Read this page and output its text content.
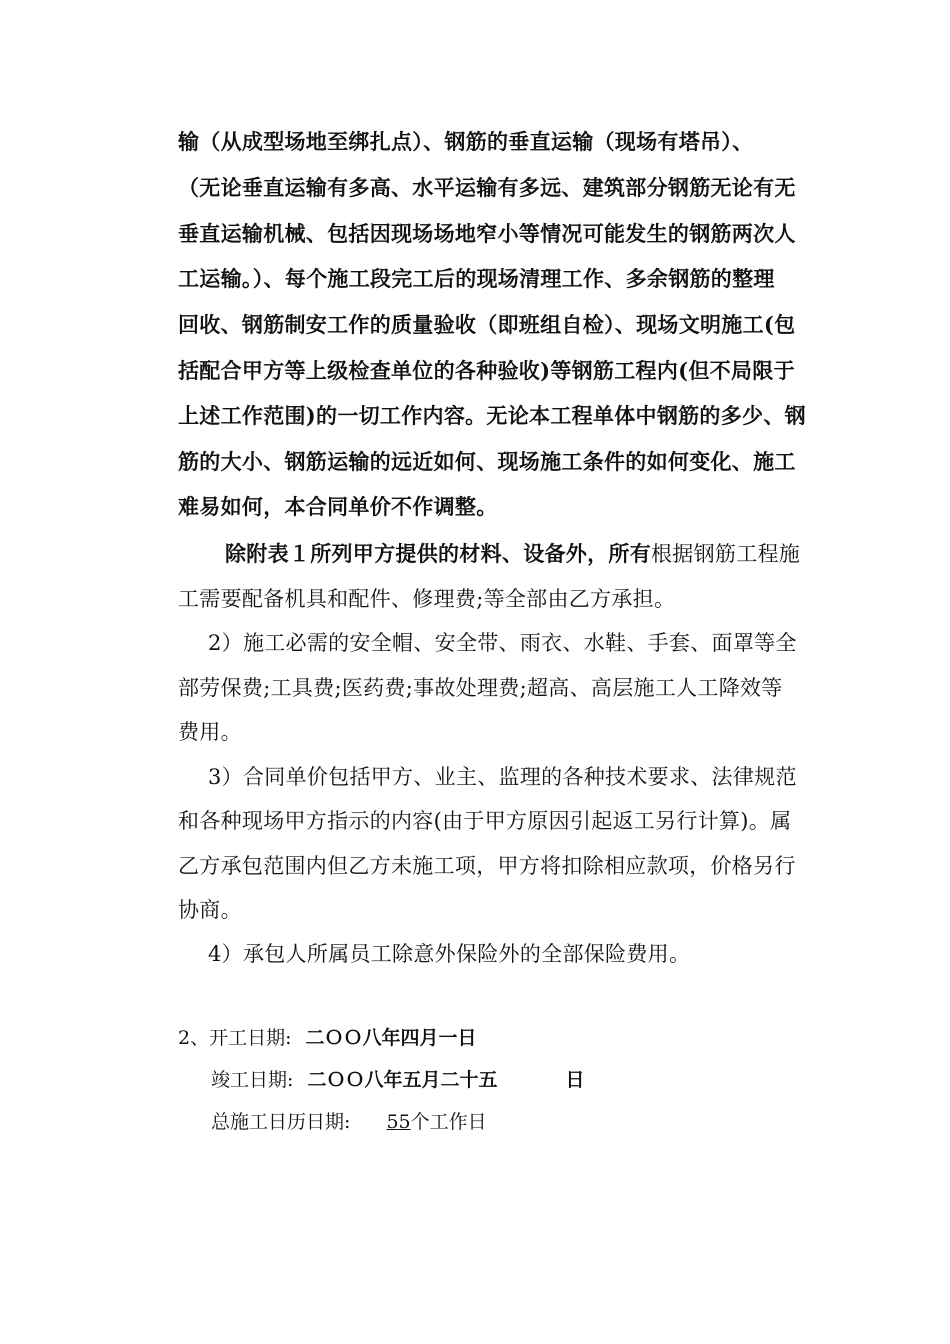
输（从成型场地至绑扎点）、钢筋的垂直运输（现场有塔吊）、
（无论垂直运输有多高、水平运输有多远、建筑部分钢筋无论有无
垂直运输机械、包括因现场场地窄小等情况可能发生的钢筋两次人
工运输。）、每个施工段完工后的现场清理工作、多余钢筋的整理
回收、钢筋制安工作的质量验收（即班组自检）、现场文明施工(包
括配合甲方等上级检查单位的各种验收)等钢筋工程内(但不局限于
上述工作范围)的一切工作内容。无论本工程单体中钢筋的多少、钢
筋的大小、钢筋运输的远近如何、现场施工条件的如何变化、施工
难易如何，本合同单价不作调整。
除附表１所列甲方提供的材料、设备外，所有根据钢筋工程施
工需要配备机具和配件、修理费;等全部由乙方承担。
2）施工必需的安全帽、安全带、雨衣、水鞋、手套、面罩等全
部劳保费;工具费;医药费;事故处理费;超高、高层施工人工降效等
费用。
3）合同单价包括甲方、业主、监理的各种技术要求、法律规范
和各种现场甲方指示的内容(由于甲方原因引起返工另行计算)。属
乙方承包范围内但乙方未施工项，甲方将扣除相应款项，价格另行
协商。
4）承包人所属员工除意外保险外的全部保险费用。
2、开工日期: 二ＯＯ八年四月一日
竣工日期: 二ＯＯ八年五月二十五	日
总施工日历日期: 55个工作日
